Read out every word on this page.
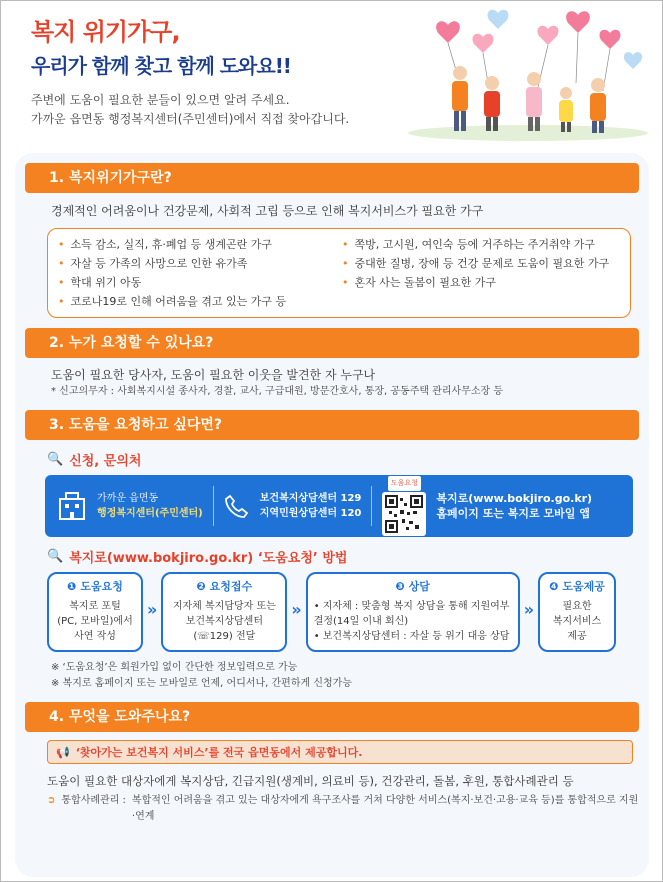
복지 위기가구,
우리가 함께 찾고 함께 도와요!!
주변에 도움이 필요한 분들이 있으면 알려 주세요.
가까운 읍면동 행정복지센터(주민센터)에서 직접 찾아갑니다.
1. 복지위기가구란?
경제적인 어려움이나 건강문제, 사회적 고립 등으로 인해 복지서비스가 필요한 가구
• 소득 감소, 실직, 휴·폐업 등 생계곤란 가구	• 쪽방, 고시원, 여인숙 등에 거주하는 주거취약 가구
• 자살 등 가족의 사망으로 인한 유가족	• 중대한 질병, 장애 등 건강 문제로 도움이 필요한 가구
• 학대 위기 아동	• 혼자 사는 돌봄이 필요한 가구
• 코로나19로 인해 어려움을 겪고 있는 가구 등
2. 누가 요청할 수 있나요?
도움이 필요한 당사자, 도움이 필요한 이웃을 발견한 자 누구나
* 신고의무자 : 사회복지시설 종사자, 경찰, 교사, 구급대원, 방문간호사, 통장, 공동주택 관리사무소장 등
3. 도움을 요청하고 싶다면?
🔍 신청, 문의처
가까운 읍면동
행정복지센터(주민센터)
보건복지상담센터 129
지역민원상담센터 120
도움요청
복지로(www.bokjiro.go.kr)
홈페이지 또는 복지로 모바일 앱
🔍 복지로(www.bokjiro.go.kr) ‘도움요청’ 방법
❶ 도움요청
복지로 포털
(PC, 모바일)에서
사연 작성
»
❷ 요청접수
지자체 복지담당자 또는
보건복지상담센터
(☏129) 전달
»
❸ 상담
• 지자체 : 맞춤형 복지 상담을 통해 지원여부
결정(14일 이내 회신)
• 보건복지상담센터 : 자살 등 위기 대응 상담
»
❹ 도움제공
필요한
복지서비스
제공
※ ‘도움요청’은 회원가입 없이 간단한 정보입력으로 가능
※ 복지로 홈페이지 또는 모바일로 언제, 어디서나, 간편하게 신청가능
4. 무엇을 도와주나요?
📢 ‘찾아가는 보건복지 서비스’를 전국 읍면동에서 제공합니다.
도움이 필요한 대상자에게 복지상담, 긴급지원(생계비, 의료비 등), 건강관리, 돌봄, 후원, 통합사례관리 등
➲ 통합사례관리 : 복합적인 어려움을 겪고 있는 대상자에게 욕구조사를 거쳐 다양한 서비스(복지·보건·고용·교육 등)를 통합적으로 지원·연계
